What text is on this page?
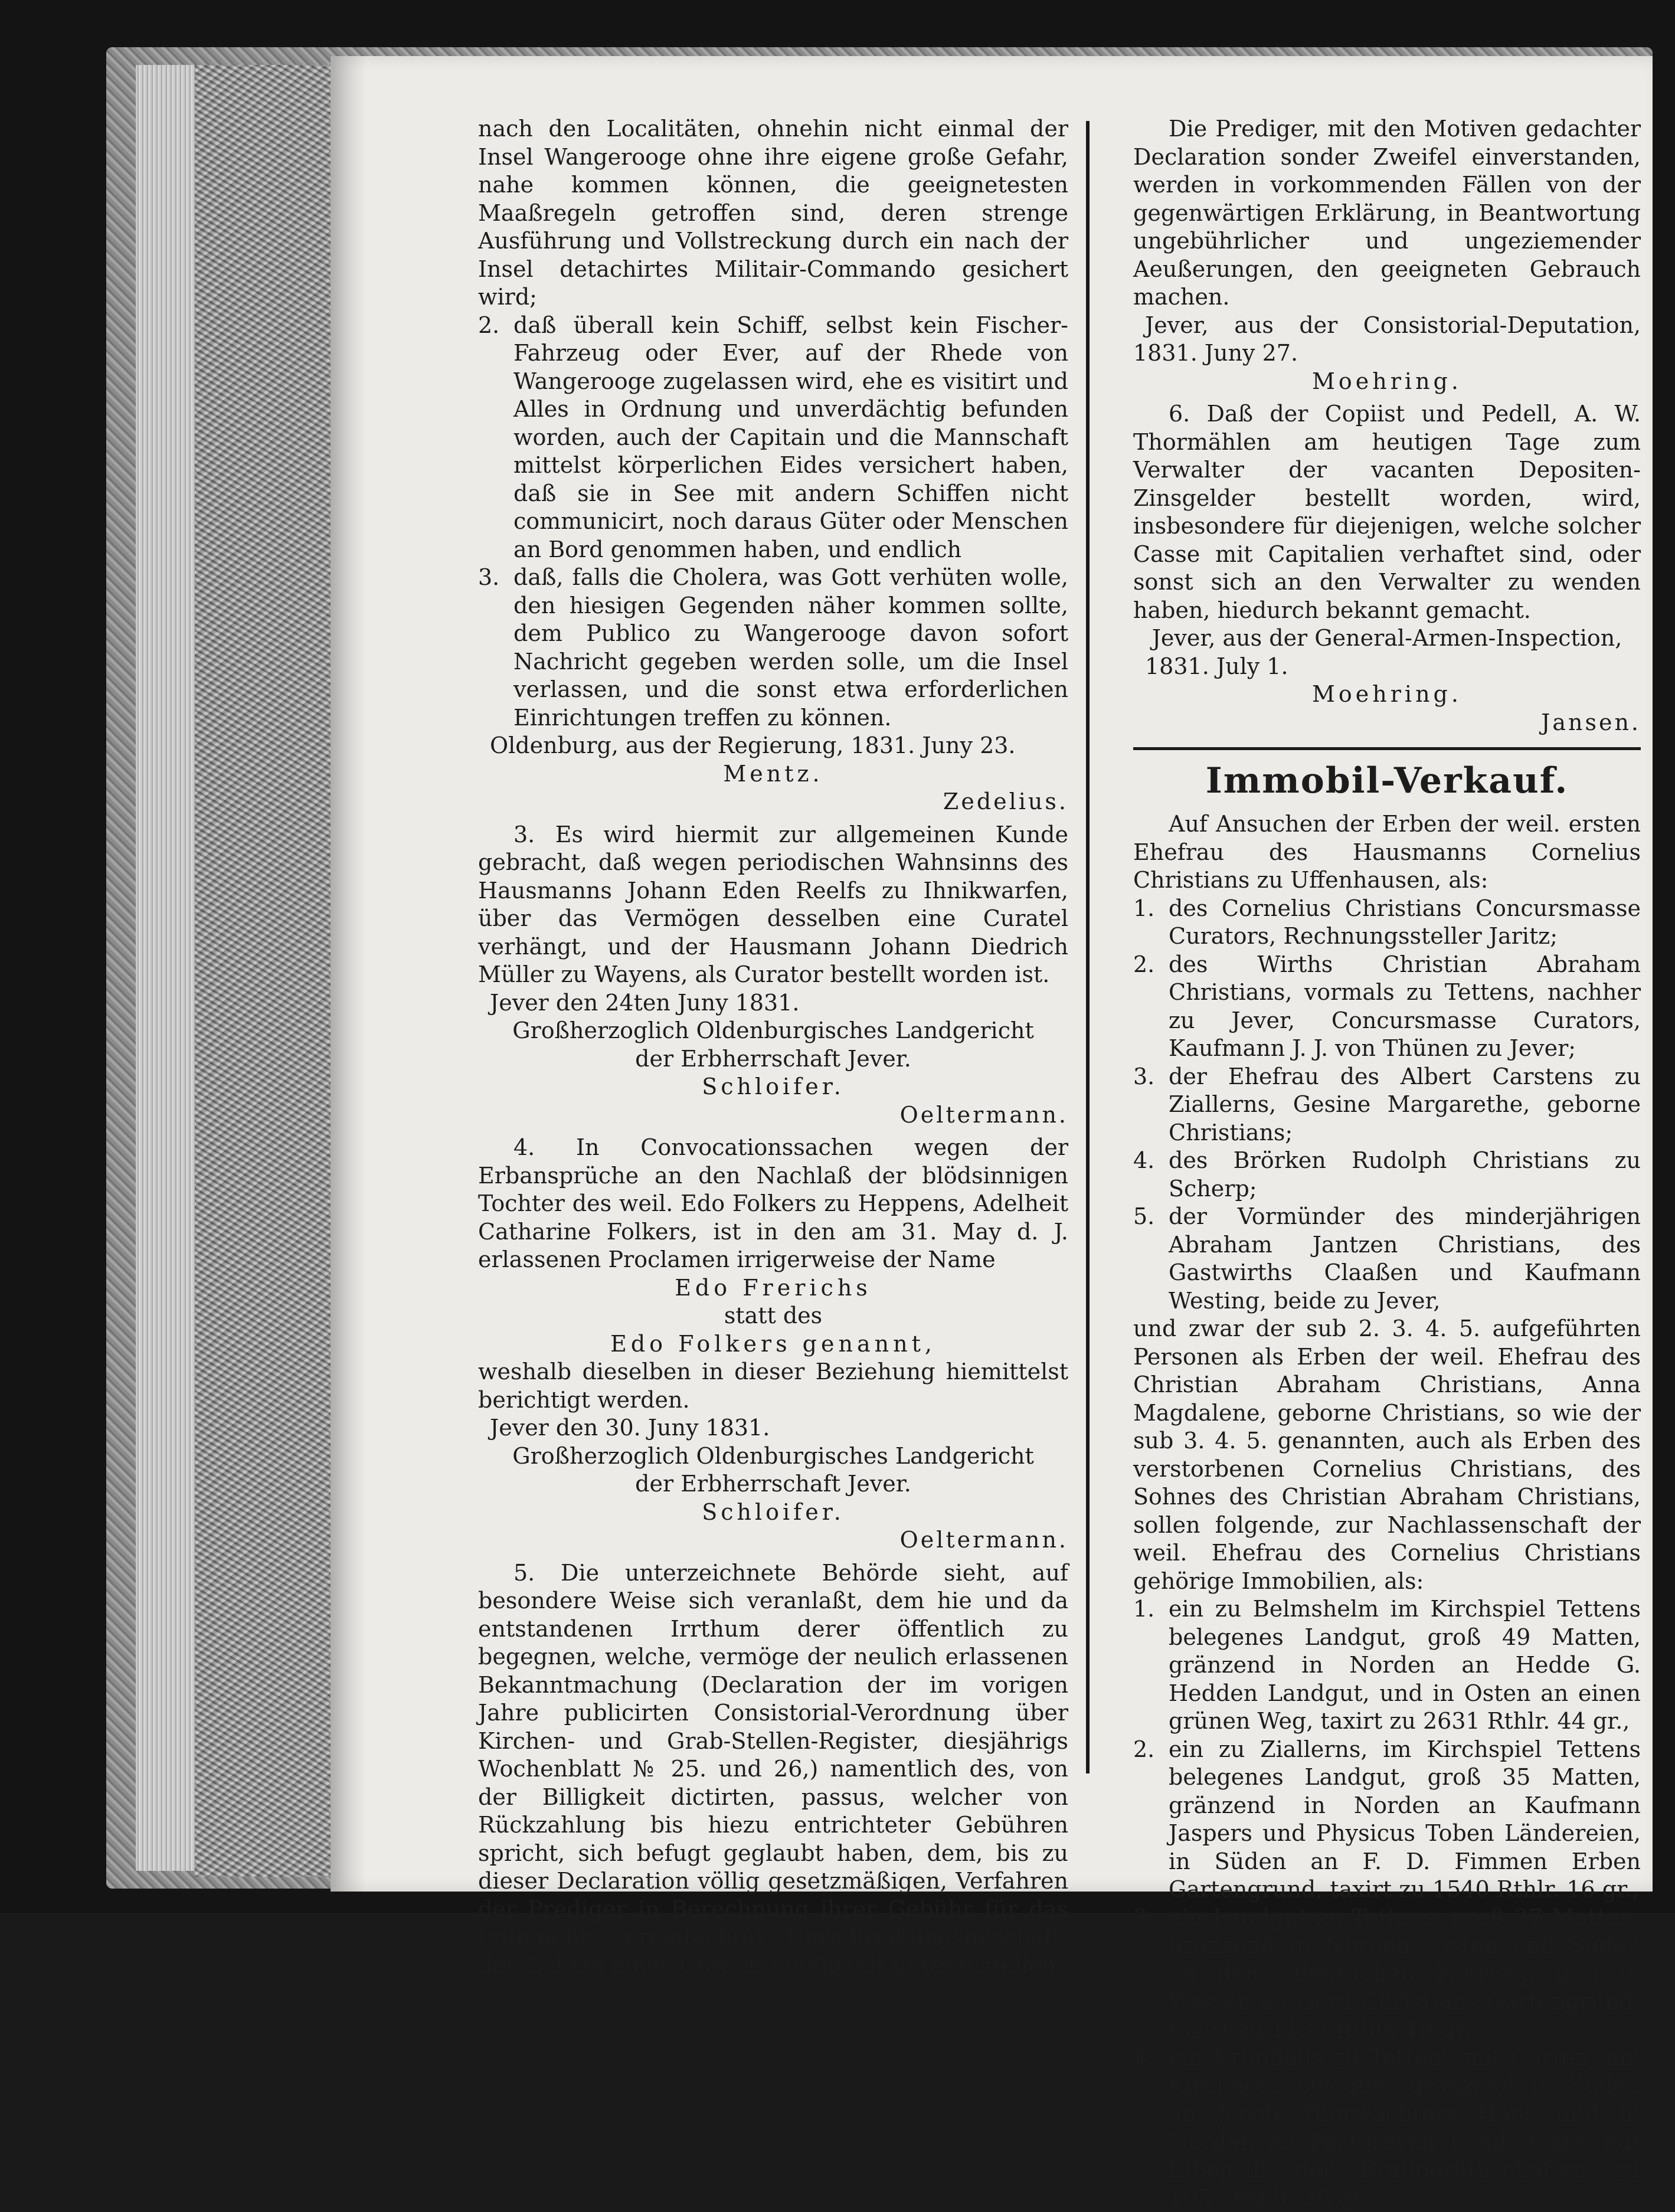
nach den Localitäten, ohnehin nicht einmal der Insel Wangerooge ohne ihre eigene große Gefahr, nahe kommen können, die geeignetesten Maaßregeln getroffen sind, deren strenge Ausführung und Vollstreckung durch ein nach der Insel detachirtes Militair-Commando gesichert wird;

2. daß überall kein Schiff, selbst kein Fischer-Fahrzeug oder Ever, auf der Rhede von Wangerooge zugelassen wird, ehe es visitirt und Alles in Ordnung und unverdächtig befunden worden, auch der Capitain und die Mannschaft mittelst körperlichen Eides versichert haben, daß sie in See mit andern Schiffen nicht communicirt, noch daraus Güter oder Menschen an Bord genommen haben, und endlich
3. daß, falls die Cholera, was Gott verhüten wolle, den hiesigen Gegenden näher kommen sollte, dem Publico zu Wangerooge davon sofort Nachricht gegeben werden solle, um die Insel verlassen, und die sonst etwa erforderlichen Einrichtungen treffen zu können.

Oldenburg, aus der Regierung, 1831. Juny 23.

Mentz.

Zedelius.

3. Es wird hiermit zur allgemeinen Kunde gebracht, daß wegen periodischen Wahnsinns des Hausmanns Johann Eden Reelfs zu Ihnikwarfen, über das Vermögen desselben eine Curatel verhängt, und der Hausmann Johann Diedrich Müller zu Wayens, als Curator bestellt worden ist.

Jever den 24ten Juny 1831.

Großherzoglich Oldenburgisches Landgericht

der Erbherrschaft Jever.

Schloifer.

Oeltermann.

4. In Convocationssachen wegen der Erbansprüche an den Nachlaß der blödsinnigen Tochter des weil. Edo Folkers zu Heppens, Adelheit Catharine Folkers, ist in den am 31. May d. J. erlassenen Proclamen irrigerweise der Name

Edo Frerichs

statt des

Edo Folkers genannt,

weshalb dieselben in dieser Beziehung hiemittelst berichtigt werden.

Jever den 30. Juny 1831.

Großherzoglich Oldenburgisches Landgericht

der Erbherrschaft Jever.

Schloifer.

Oeltermann.

5. Die unterzeichnete Behörde sieht, auf besondere Weise sich veranlaßt, dem hie und da entstandenen Irrthum derer öffentlich zu begegnen, welche, vermöge der neulich erlassenen Bekanntmachung (Declaration der im vorigen Jahre publicirten Consistorial-Verordnung über Kirchen- und Grab-Stellen-Register, diesjährigs Wochenblatt № 25. und 26,) namentlich des, von der Billigkeit dictirten, passus, welcher von Rückzahlung bis hiezu entrichteter Gebühren spricht, sich befugt geglaubt haben, dem, bis zu dieser Declaration völlig gesetzmäßigen, Verfahren der Prediger in Berechnung ihrer Gebühr für das (nunmehr vereinfachte) Umschreibungsgeschäft, den Schein einer Unrechtmäßigkeit unterzustellen.

Die Prediger, mit den Motiven gedachter Declaration sonder Zweifel einverstanden, werden in vorkommenden Fällen von der gegenwärtigen Erklärung, in Beantwortung ungebührlicher und ungeziemender Aeußerungen, den geeigneten Gebrauch machen.

Jever, aus der Consistorial-Deputation, 1831. Juny 27.

Moehring.

6. Daß der Copiist und Pedell, A. W. Thormählen am heutigen Tage zum Verwalter der vacanten Depositen-Zinsgelder bestellt worden, wird, insbesondere für diejenigen, welche solcher Casse mit Capitalien verhaftet sind, oder sonst sich an den Verwalter zu wenden haben, hiedurch bekannt gemacht.

Jever, aus der General-Armen-Inspection,

1831. July 1.

Moehring.

Jansen.

Immobil-Verkauf.

Auf Ansuchen der Erben der weil. ersten Ehefrau des Hausmanns Cornelius Christians zu Uffenhausen, als:

1. des Cornelius Christians Concursmasse Curators, Rechnungssteller Jaritz;
2. des Wirths Christian Abraham Christians, vormals zu Tettens, nachher zu Jever, Concursmasse Curators, Kaufmann J. J. von Thünen zu Jever;
3. der Ehefrau des Albert Carstens zu Ziallerns, Gesine Margarethe, geborne Christians;
4. des Brörken Rudolph Christians zu Scherp;
5. der Vormünder des minderjährigen Abraham Jantzen Christians, des Gastwirths Claaßen und Kaufmann Westing, beide zu Jever,

und zwar der sub 2. 3. 4. 5. aufgeführten Personen als Erben der weil. Ehefrau des Christian Abraham Christians, Anna Magdalene, geborne Christians, so wie der sub 3. 4. 5. genannten, auch als Erben des verstorbenen Cornelius Christians, des Sohnes des Christian Abraham Christians, sollen folgende, zur Nachlassenschaft der weil. Ehefrau des Cornelius Christians gehörige Immobilien, als:

1. ein zu Belmshelm im Kirchspiel Tettens belegenes Landgut, groß 49 Matten, gränzend in Norden an Hedde G. Hedden Landgut, und in Osten an einen grünen Weg, taxirt zu 2631 Rthlr. 44 gr.,
2. ein zu Ziallerns, im Kirchspiel Tettens belegenes Landgut, groß 35 Matten, gränzend in Norden an Kaufmann Jaspers und Physicus Toben Ländereien, in Süden an F. D. Fimmen Erben Gartengrund, taxirt zu 1540 Rthlr. 16 gr.,
3. ein Landgut zu Tettens, groß 37 Matten, gränzend in Norden, Osten und Süden an den öffentlichen Fahrweg und in Westen an Gerd Christians Gartengrund, taxirt zu 1137 Rthlr. 18 gr.,
4. ein Krughaus zu Tettens mit Garten, am Kirchhofe belegen, gränzend in Süden an Jacob Thorwächters Haus und in Norden an Pastoreyen Land, taxirt mit Inbegriff der Braugeräthschaften zu 1051 Rthlr. 36 gr.,
